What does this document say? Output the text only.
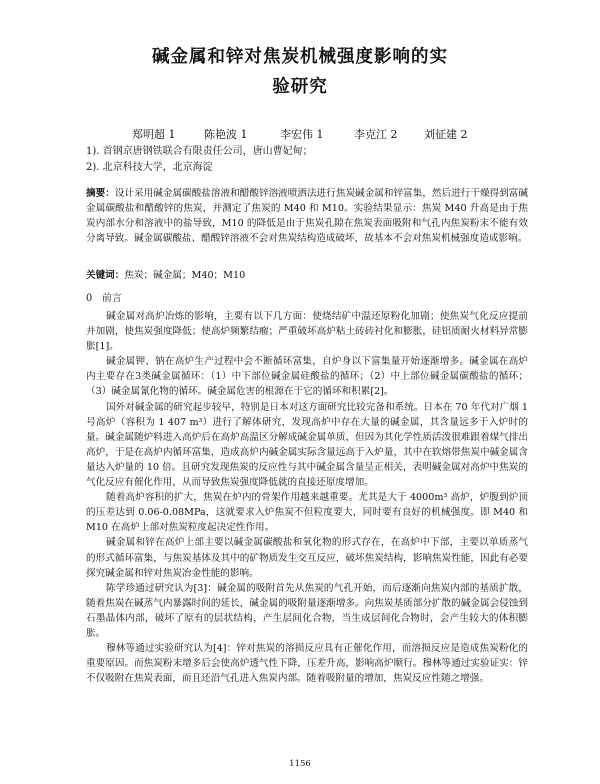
碱金属和锌对焦炭机械强度影响的实
验研究
郑明超 1	陈艳波 1	李宏伟 1	李克江 2 刘征建 2
1). 首钢京唐钢铁联合有限责任公司，唐山曹妃甸；
2). 北京科技大学，北京海淀
摘要：设计采用碱金属碳酸盐溶液和醋酸锌溶液喷洒法进行焦炭碱金属和锌富集，然后进行干燥得到富碱金属碳酸盐和醋酸锌的焦炭，并测定了焦炭的 M40 和 M10。实验结果显示：焦炭 M40 升高是由于焦炭内部水分和溶液中的盐导致，M10 的降低是由于焦炭孔隙在焦炭表面吸附和气孔内焦炭粉末不能有效分离导致。碱金属碳酸盐、醋酸锌溶液不会对焦炭结构造成破坏，故基本不会对焦炭机械强度造成影响。
关键词：焦炭；碱金属；M40；M10
0　前言

碱金属对高炉冶炼的影响，主要有以下几方面：使烧结矿中温还原粉化加剧；使焦炭气化反应提前并加剧，使焦炭强度降低；使高炉频繁结瘤；严重破坏高炉粘土砖砖衬化和膨胀，硅铝质耐火材料异常膨胀[1]。

碱金属钾、钠在高炉生产过程中会不断循环富集，自炉身以下富集量开始逐渐增多。碱金属在高炉内主要存在3类碱金属循环：（1）中下部位碱金属硅酸盐的循环；（2）中上部位碱金属碳酸盐的循环；（3）碱金属氰化物的循环。碱金属危害的根源在于它的循环和积累[2]。

国外对碱金属的研究起步较早，特别是日本对这方面研究比较完备和系统。日本在 70 年代对广烟 1 号高炉（容积为 1 407 m³）进行了解体研究，发现高炉中存在大量的碱金属，其含量远多于入炉时的量。碱金属随炉料进入高炉后在高炉高温区分解成碱金属单质，但因为其化学性质活泼很难跟着煤气排出高炉，于是在高炉内循环富集，造成高炉内碱金属实际含量远高于入炉量，其中在软熔带焦炭中碱金属含量达入炉量的 10 倍。且研究发现焦炭的反应性与其中碱金属含量呈正相关，表明碱金属对高炉中焦炭的气化反应有催化作用，从而导致焦炭强度降低就的直接还原度增加。

随着高炉容积的扩大，焦炭在炉内的骨架作用越来越重要。尤其是大于 4000m³ 高炉，炉腹到炉顶的压差达到 0.06-0.08MPa，这就要求入炉焦炭不但粒度要大，同时要有良好的机械强度。即 M40 和 M10 在高炉上部对焦炭粒度起决定性作用。

碱金属和锌在高炉上部主要以碱金属碳酸盐和氧化物的形式存在，在高炉中下部，主要以单质蒸气的形式循环富集，与焦炭基体及其中的矿物质发生交互反应，破坏焦炭结构，影响焦炭性能，因此有必要探究碱金属和锌对焦炭冶金性能的影响。

陈学珍通过研究认为[3]：碱金属的吸附首先从焦炭的气孔开始，而后逐渐向焦炭内部的基质扩散，随着焦炭在碱蒸气内暴露时间的延长，碱金属的吸附量逐渐增多。向焦炭基质部分扩散的碱金属会侵蚀到石墨晶体内部，破坏了原有的层状结构，产生层间化合物，当生成层间化合物时，会产生较大的体积膨胀。

穆林等通过实验研究认为[4]：锌对焦炭的溶损反应具有正催化作用，而溶损反应是造成焦炭粉化的重要原因。而焦炭粉末增多后会使高炉透气性下降，压差升高，影响高炉顺行。穆林等通过实验证实：锌不仅吸附在焦炭表面，而且还沿气孔进入焦炭内部。随着吸附量的增加，焦炭反应性随之增强。

1156
